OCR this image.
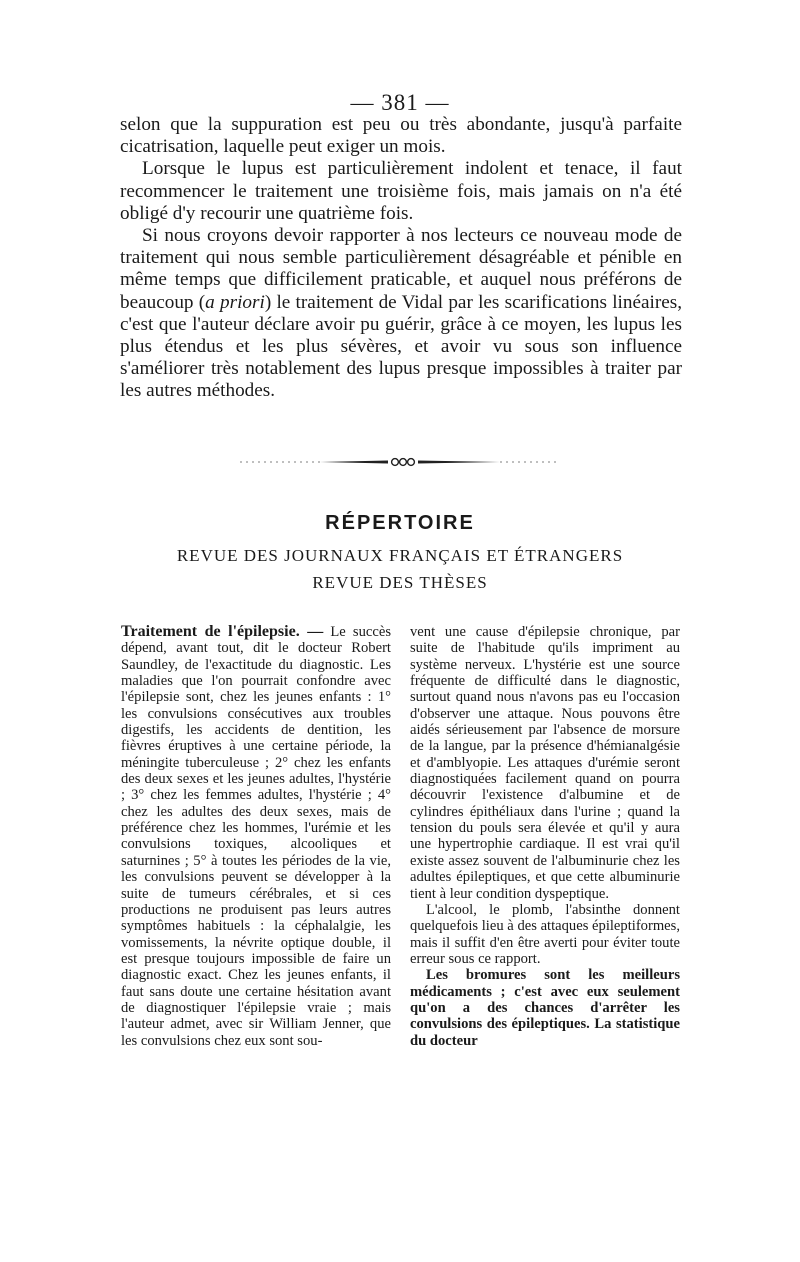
— 381 —

selon que la suppuration est peu ou très abondante, jusqu'à parfaite cicatrisation, laquelle peut exiger un mois.

Lorsque le lupus est particulièrement indolent et tenace, il faut recommencer le traitement une troisième fois, mais jamais on n'a été obligé d'y recourir une quatrième fois.

Si nous croyons devoir rapporter à nos lecteurs ce nouveau mode de traitement qui nous semble particulièrement désagréable et pénible en même temps que difficilement praticable, et auquel nous préférons de beaucoup (a priori) le traitement de Vidal par les scarifications linéaires, c'est que l'auteur déclare avoir pu guérir, grâce à ce moyen, les lupus les plus étendus et les plus sévères, et avoir vu sous son influence s'améliorer très notablement des lupus presque impossibles à traiter par les autres méthodes.

RÉPERTOIRE
REVUE DES JOURNAUX FRANÇAIS ET ÉTRANGERS
REVUE DES THÈSES

Traitement de l'épilepsie. — Le succès dépend, avant tout, dit le docteur Robert Saundley, de l'exactitude du diagnostic. Les maladies que l'on pourrait confondre avec l'épilepsie sont, chez les jeunes enfants : 1° les convulsions consécutives aux troubles digestifs, les accidents de dentition, les fièvres éruptives à une certaine période, la méningite tuberculeuse ; 2° chez les enfants des deux sexes et les jeunes adultes, l'hystérie ; 3° chez les femmes adultes, l'hystérie ; 4° chez les adultes des deux sexes, mais de préférence chez les hommes, l'urémie et les convulsions toxiques, alcooliques et saturnines ; 5° à toutes les périodes de la vie, les convulsions peuvent se développer à la suite de tumeurs cérébrales, et si ces productions ne produisent pas leurs autres symptômes habituels : la céphalalgie, les vomissements, la névrite optique double, il est presque toujours impossible de faire un diagnostic exact. Chez les jeunes enfants, il faut sans doute une certaine hésitation avant de diagnostiquer l'épilepsie vraie ; mais l'auteur admet, avec sir William Jenner, que les convulsions chez eux sont sou-

vent une cause d'épilepsie chronique, par suite de l'habitude qu'ils impriment au système nerveux. L'hystérie est une source fréquente de difficulté dans le diagnostic, surtout quand nous n'avons pas eu l'occasion d'observer une attaque. Nous pouvons être aidés sérieusement par l'absence de morsure de la langue, par la présence d'hémianalgésie et d'amblyopie. Les attaques d'urémie seront diagnostiquées facilement quand on pourra découvrir l'existence d'albumine et de cylindres épithéliaux dans l'urine ; quand la tension du pouls sera élevée et qu'il y aura une hypertrophie cardiaque. Il est vrai qu'il existe assez souvent de l'albuminurie chez les adultes épileptiques, et que cette albuminurie tient à leur condition dyspeptique.

L'alcool, le plomb, l'absinthe donnent quelquefois lieu à des attaques épileptiformes, mais il suffit d'en être averti pour éviter toute erreur sous ce rapport.

Les bromures sont les meilleurs médicaments ; c'est avec eux seulement qu'on a des chances d'arrêter les convulsions des épileptiques. La statistique du docteur
